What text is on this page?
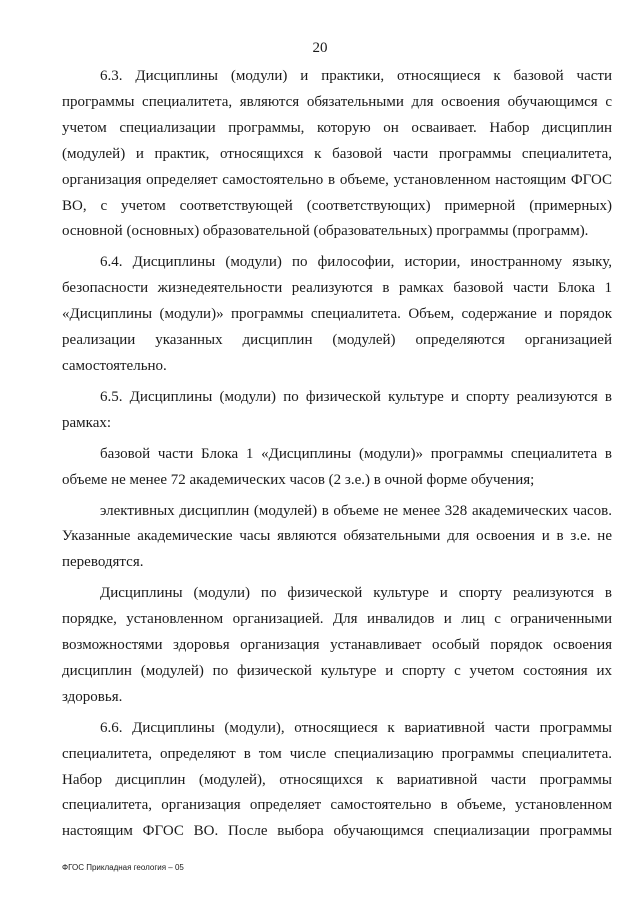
20

6.3. Дисциплины (модули) и практики, относящиеся к базовой части программы специалитета, являются обязательными для освоения обучающимся с учетом специализации программы, которую он осваивает. Набор дисциплин (модулей) и практик, относящихся к базовой части программы специалитета, организация определяет самостоятельно в объеме, установленном настоящим ФГОС ВО, с учетом соответствующей (соответствующих) примерной (примерных) основной (основных) образовательной (образовательных) программы (программ).

6.4. Дисциплины (модули) по философии, истории, иностранному языку, безопасности жизнедеятельности реализуются в рамках базовой части Блока 1 «Дисциплины (модули)» программы специалитета. Объем, содержание и порядок реализации указанных дисциплин (модулей) определяются организацией самостоятельно.

6.5. Дисциплины (модули) по физической культуре и спорту реализуются в рамках:

базовой части Блока 1 «Дисциплины (модули)» программы специалитета в объеме не менее 72 академических часов (2 з.е.) в очной форме обучения;

элективных дисциплин (модулей) в объеме не менее 328 академических часов. Указанные академические часы являются обязательными для освоения и в з.е. не переводятся.

Дисциплины (модули) по физической культуре и спорту реализуются в порядке, установленном организацией. Для инвалидов и лиц с ограниченными возможностями здоровья организация устанавливает особый порядок освоения дисциплин (модулей) по физической культуре и спорту с учетом состояния их здоровья.

6.6. Дисциплины (модули), относящиеся к вариативной части программы специалитета, определяют в том числе специализацию программы специалитета. Набор дисциплин (модулей), относящихся к вариативной части программы специалитета, организация определяет самостоятельно в объеме, установленном настоящим ФГОС ВО. После выбора обучающимся специализации программы

ФГОС Прикладная геология – 05
